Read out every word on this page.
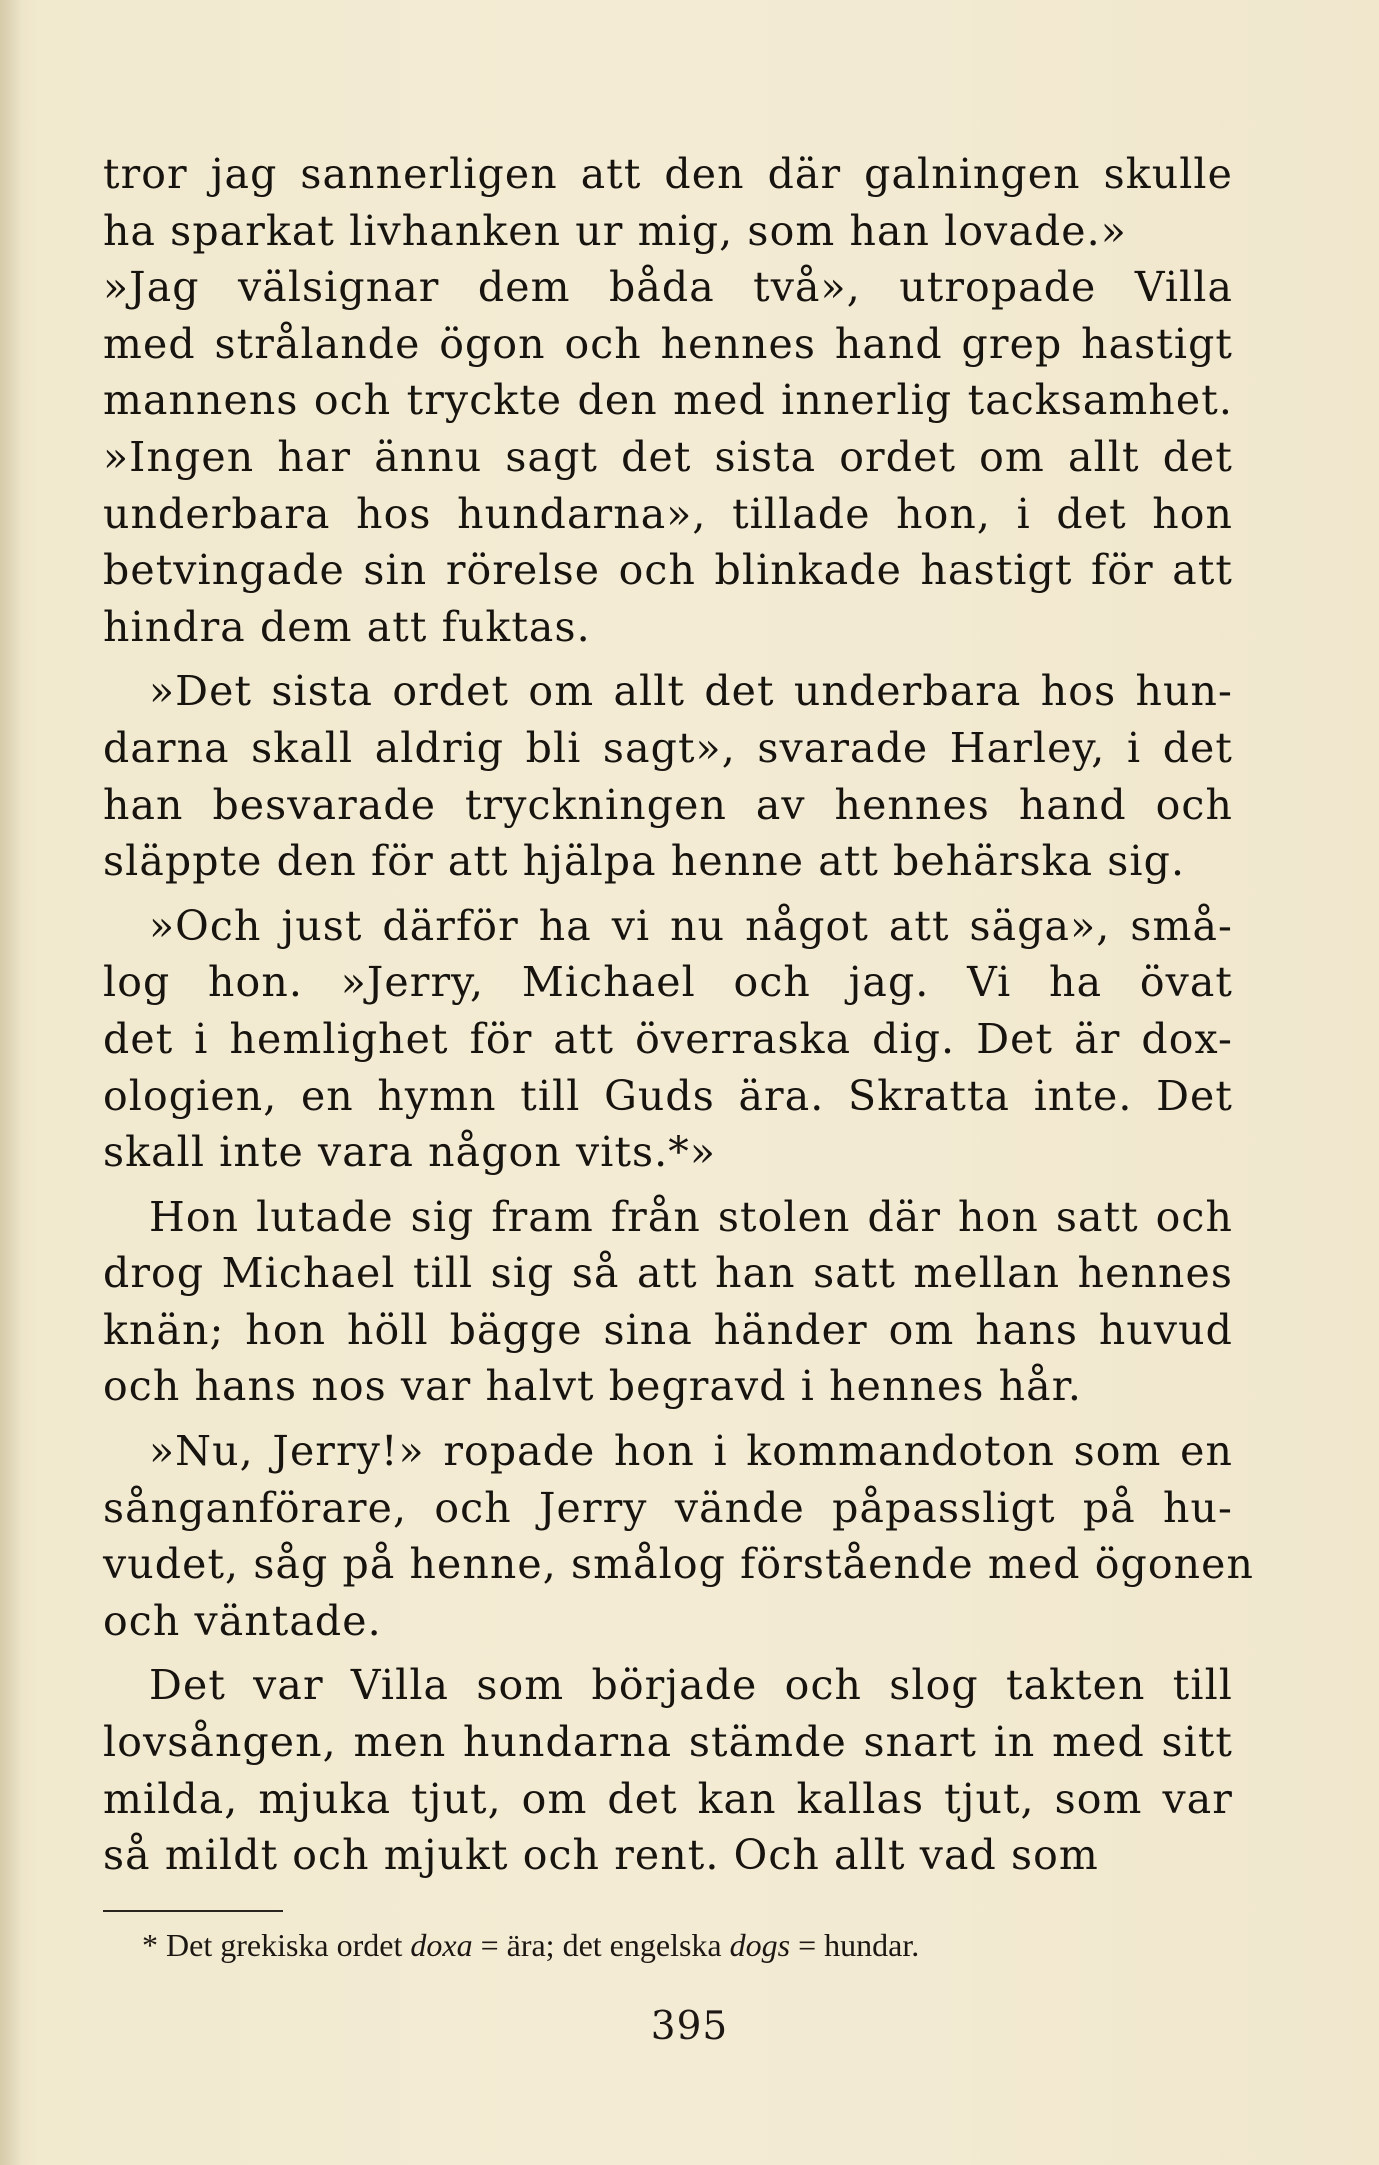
tror jag sannerligen att den där galningen skulle
ha sparkat livhanken ur mig, som han lovade.»
»Jag välsignar dem båda två», utropade Villa
med strålande ögon och hennes hand grep hastigt
mannens och tryckte den med innerlig tacksamhet.
»Ingen har ännu sagt det sista ordet om allt det
underbara hos hundarna», tillade hon, i det hon
betvingade sin rörelse och blinkade hastigt för att
hindra dem att fuktas.
»Det sista ordet om allt det underbara hos hun-
darna skall aldrig bli sagt», svarade Harley, i det
han besvarade tryckningen av hennes hand och
släppte den för att hjälpa henne att behärska sig.
»Och just därför ha vi nu något att säga», små-
log hon. »Jerry, Michael och jag. Vi ha övat
det i hemlighet för att överraska dig. Det är dox-
ologien, en hymn till Guds ära. Skratta inte. Det
skall inte vara någon vits.*»
Hon lutade sig fram från stolen där hon satt och
drog Michael till sig så att han satt mellan hennes
knän; hon höll bägge sina händer om hans huvud
och hans nos var halvt begravd i hennes hår.
»Nu, Jerry!» ropade hon i kommandoton som en
sånganförare, och Jerry vände påpassligt på hu-
vudet, såg på henne, smålog förstående med ögonen
och väntade.
Det var Villa som började och slog takten till
lovsången, men hundarna stämde snart in med sitt
milda, mjuka tjut, om det kan kallas tjut, som var
så mildt och mjukt och rent. Och allt vad som
* Det grekiska ordet doxa = ära; det engelska dogs = hundar.
395
